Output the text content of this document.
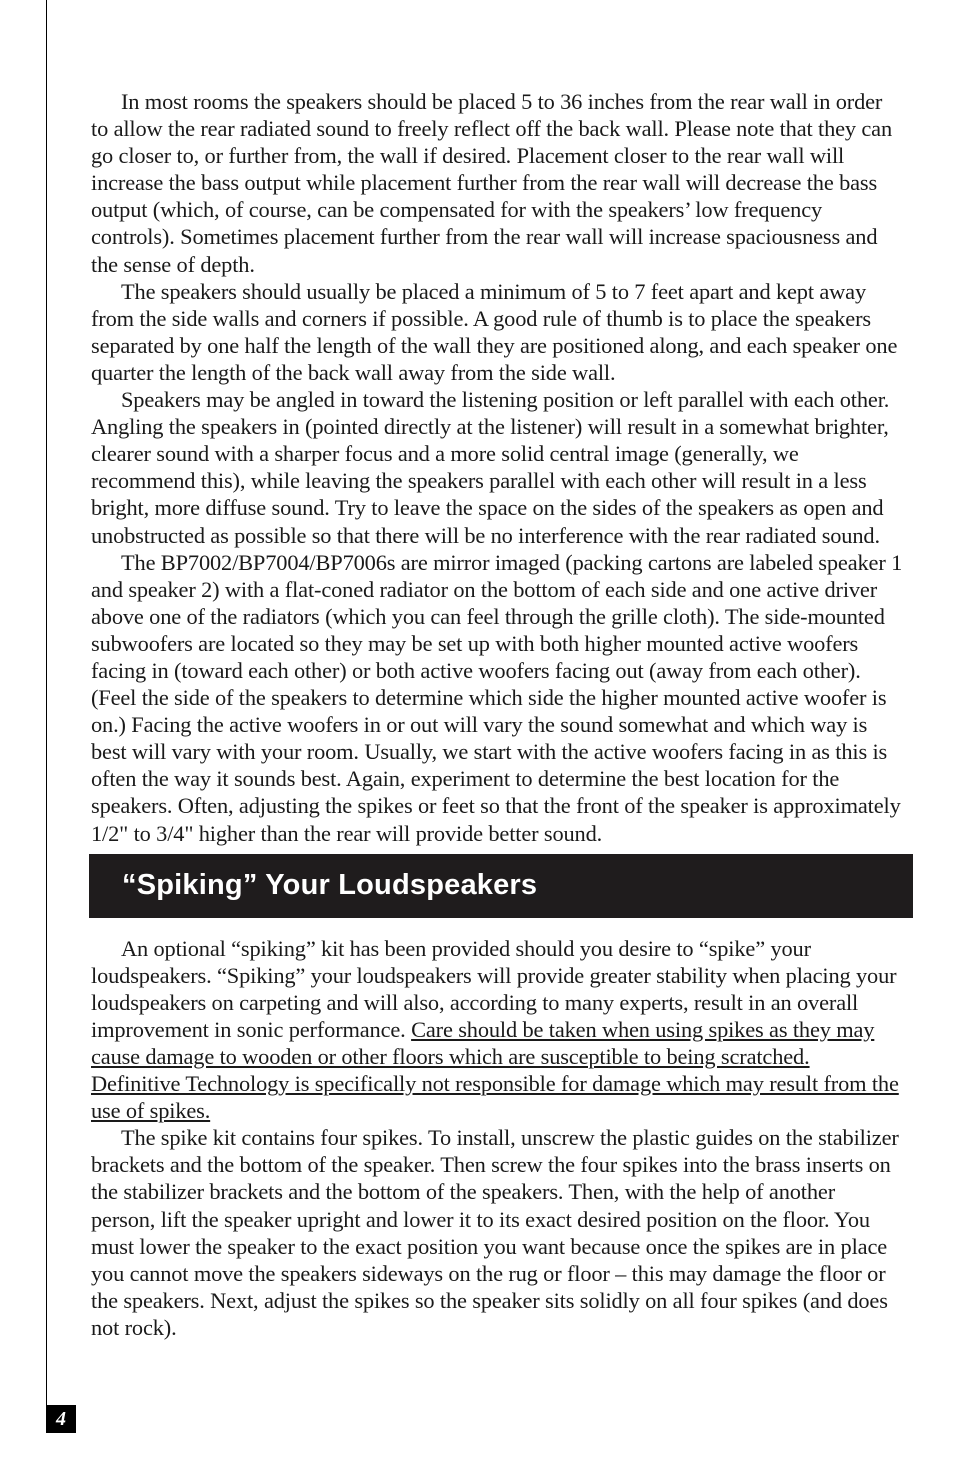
In most rooms the speakers should be placed 5 to 36 inches from the rear wall in order to allow the rear radiated sound to freely reflect off the back wall. Please note that they can go closer to, or further from, the wall if desired. Placement closer to the rear wall will increase the bass output while placement further from the rear wall will decrease the bass output (which, of course, can be compensated for with the speakers’ low frequency controls). Sometimes placement further from the rear wall will increase spaciousness and the sense of depth.

The speakers should usually be placed a minimum of 5 to 7 feet apart and kept away from the side walls and corners if possible. A good rule of thumb is to place the speakers separated by one half the length of the wall they are positioned along, and each speaker one quarter the length of the back wall away from the side wall.

Speakers may be angled in toward the listening position or left parallel with each other. Angling the speakers in (pointed directly at the listener) will result in a somewhat brighter, clearer sound with a sharper focus and a more solid central image (generally, we recommend this), while leaving the speakers parallel with each other will result in a less bright, more diffuse sound. Try to leave the space on the sides of the speakers as open and unobstructed as possible so that there will be no interference with the rear radiated sound.

The BP7002/BP7004/BP7006s are mirror imaged (packing cartons are labeled speaker 1 and speaker 2) with a flat-coned radiator on the bottom of each side and one active driver above one of the radiators (which you can feel through the grille cloth). The side-mounted subwoofers are located so they may be set up with both higher mounted active woofers facing in (toward each other) or both active woofers facing out (away from each other). (Feel the side of the speakers to determine which side the higher mounted active woofer is on.) Facing the active woofers in or out will vary the sound somewhat and which way is best will vary with your room. Usually, we start with the active woofers facing in as this is often the way it sounds best. Again, experiment to determine the best location for the speakers. Often, adjusting the spikes or feet so that the front of the speaker is approximately 1/2" to 3/4" higher than the rear will provide better sound.

“Spiking” Your Loudspeakers

An optional “spiking” kit has been provided should you desire to “spike” your loudspeakers. “Spiking” your loudspeakers will provide greater stability when placing your loudspeakers on carpeting and will also, according to many experts, result in an overall improvement in sonic performance. Care should be taken when using spikes as they may cause damage to wooden or other floors which are susceptible to being scratched. Definitive Technology is specifically not responsible for damage which may result from the use of spikes.

The spike kit contains four spikes. To install, unscrew the plastic guides on the stabilizer brackets and the bottom of the speaker. Then screw the four spikes into the brass inserts on the stabilizer brackets and the bottom of the speakers. Then, with the help of another person, lift the speaker upright and lower it to its exact desired position on the floor. You must lower the speaker to the exact position you want because once the spikes are in place you cannot move the speakers sideways on the rug or floor – this may damage the floor or the speakers. Next, adjust the spikes so the speaker sits solidly on all four spikes (and does not rock).

4
